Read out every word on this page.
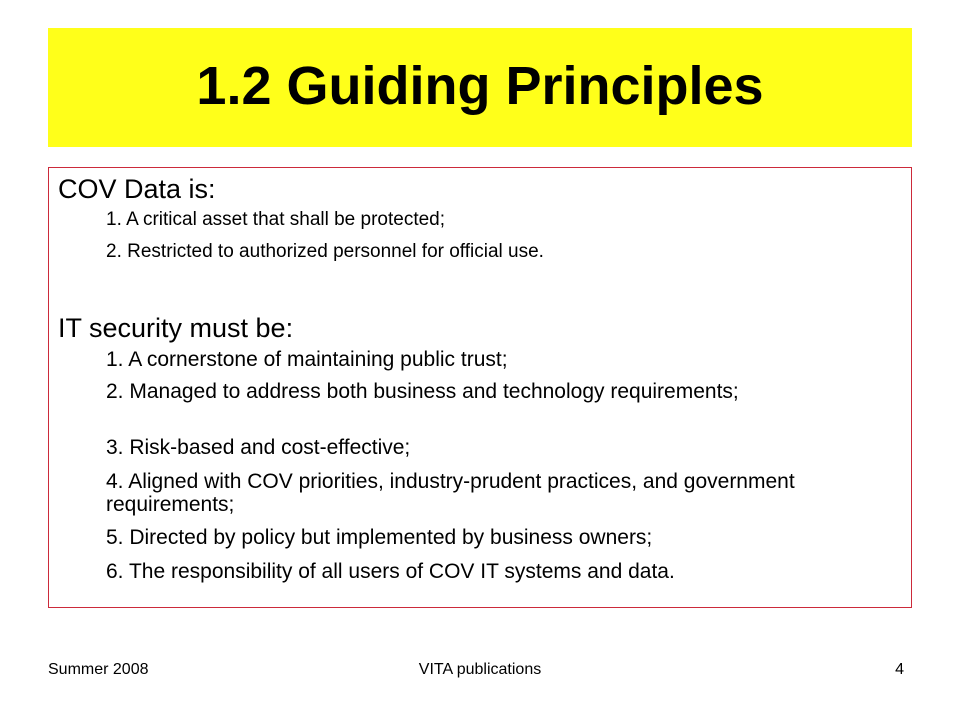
1.2 Guiding Principles
COV Data is:
1. A critical asset that shall be protected;
2. Restricted to authorized personnel for official use.
IT security must be:
1. A cornerstone of maintaining public trust;
2. Managed to address both business and technology requirements;
3. Risk-based and cost-effective;
4. Aligned with COV priorities, industry-prudent practices, and government requirements;
5. Directed by policy but implemented by business owners;
6. The responsibility of all users of COV IT systems and data.
Summer 2008	VITA publications	4
